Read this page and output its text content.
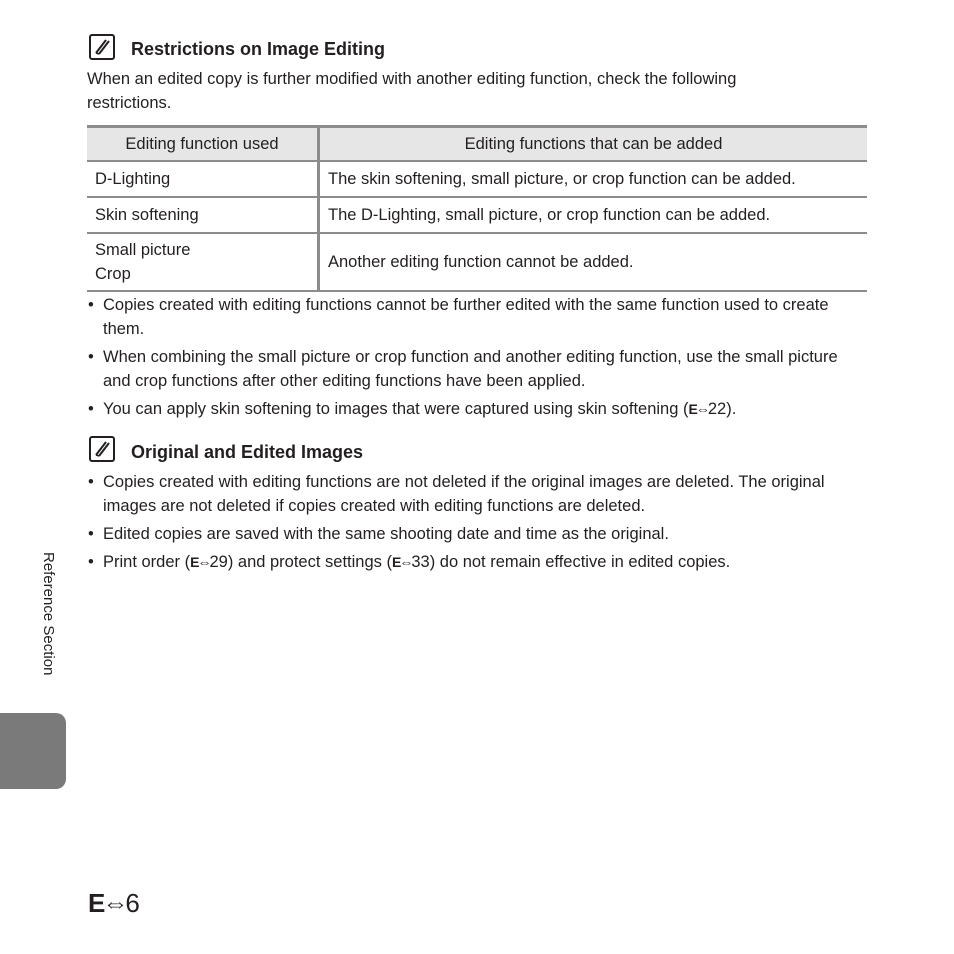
Restrictions on Image Editing
When an edited copy is further modified with another editing function, check the following restrictions.
Editing function used	Editing functions that can be added
D-Lighting	The skin softening, small picture, or crop function can be added.
Skin softening	The D-Lighting, small picture, or crop function can be added.

Small picture
Crop	Another editing function cannot be added.
• Copies created with editing functions cannot be further edited with the same function used to create them.
• When combining the small picture or crop function and another editing function, use the small picture and crop functions after other editing functions have been applied.
• You can apply skin softening to images that were captured using skin softening (E⇔22).
Original and Edited Images
• Copies created with editing functions are not deleted if the original images are deleted. The original images are not deleted if copies created with editing functions are deleted.
• Edited copies are saved with the same shooting date and time as the original.
• Print order (E⇔29) and protect settings (E⇔33) do not remain effective in edited copies.
Reference Section
E⇔6
